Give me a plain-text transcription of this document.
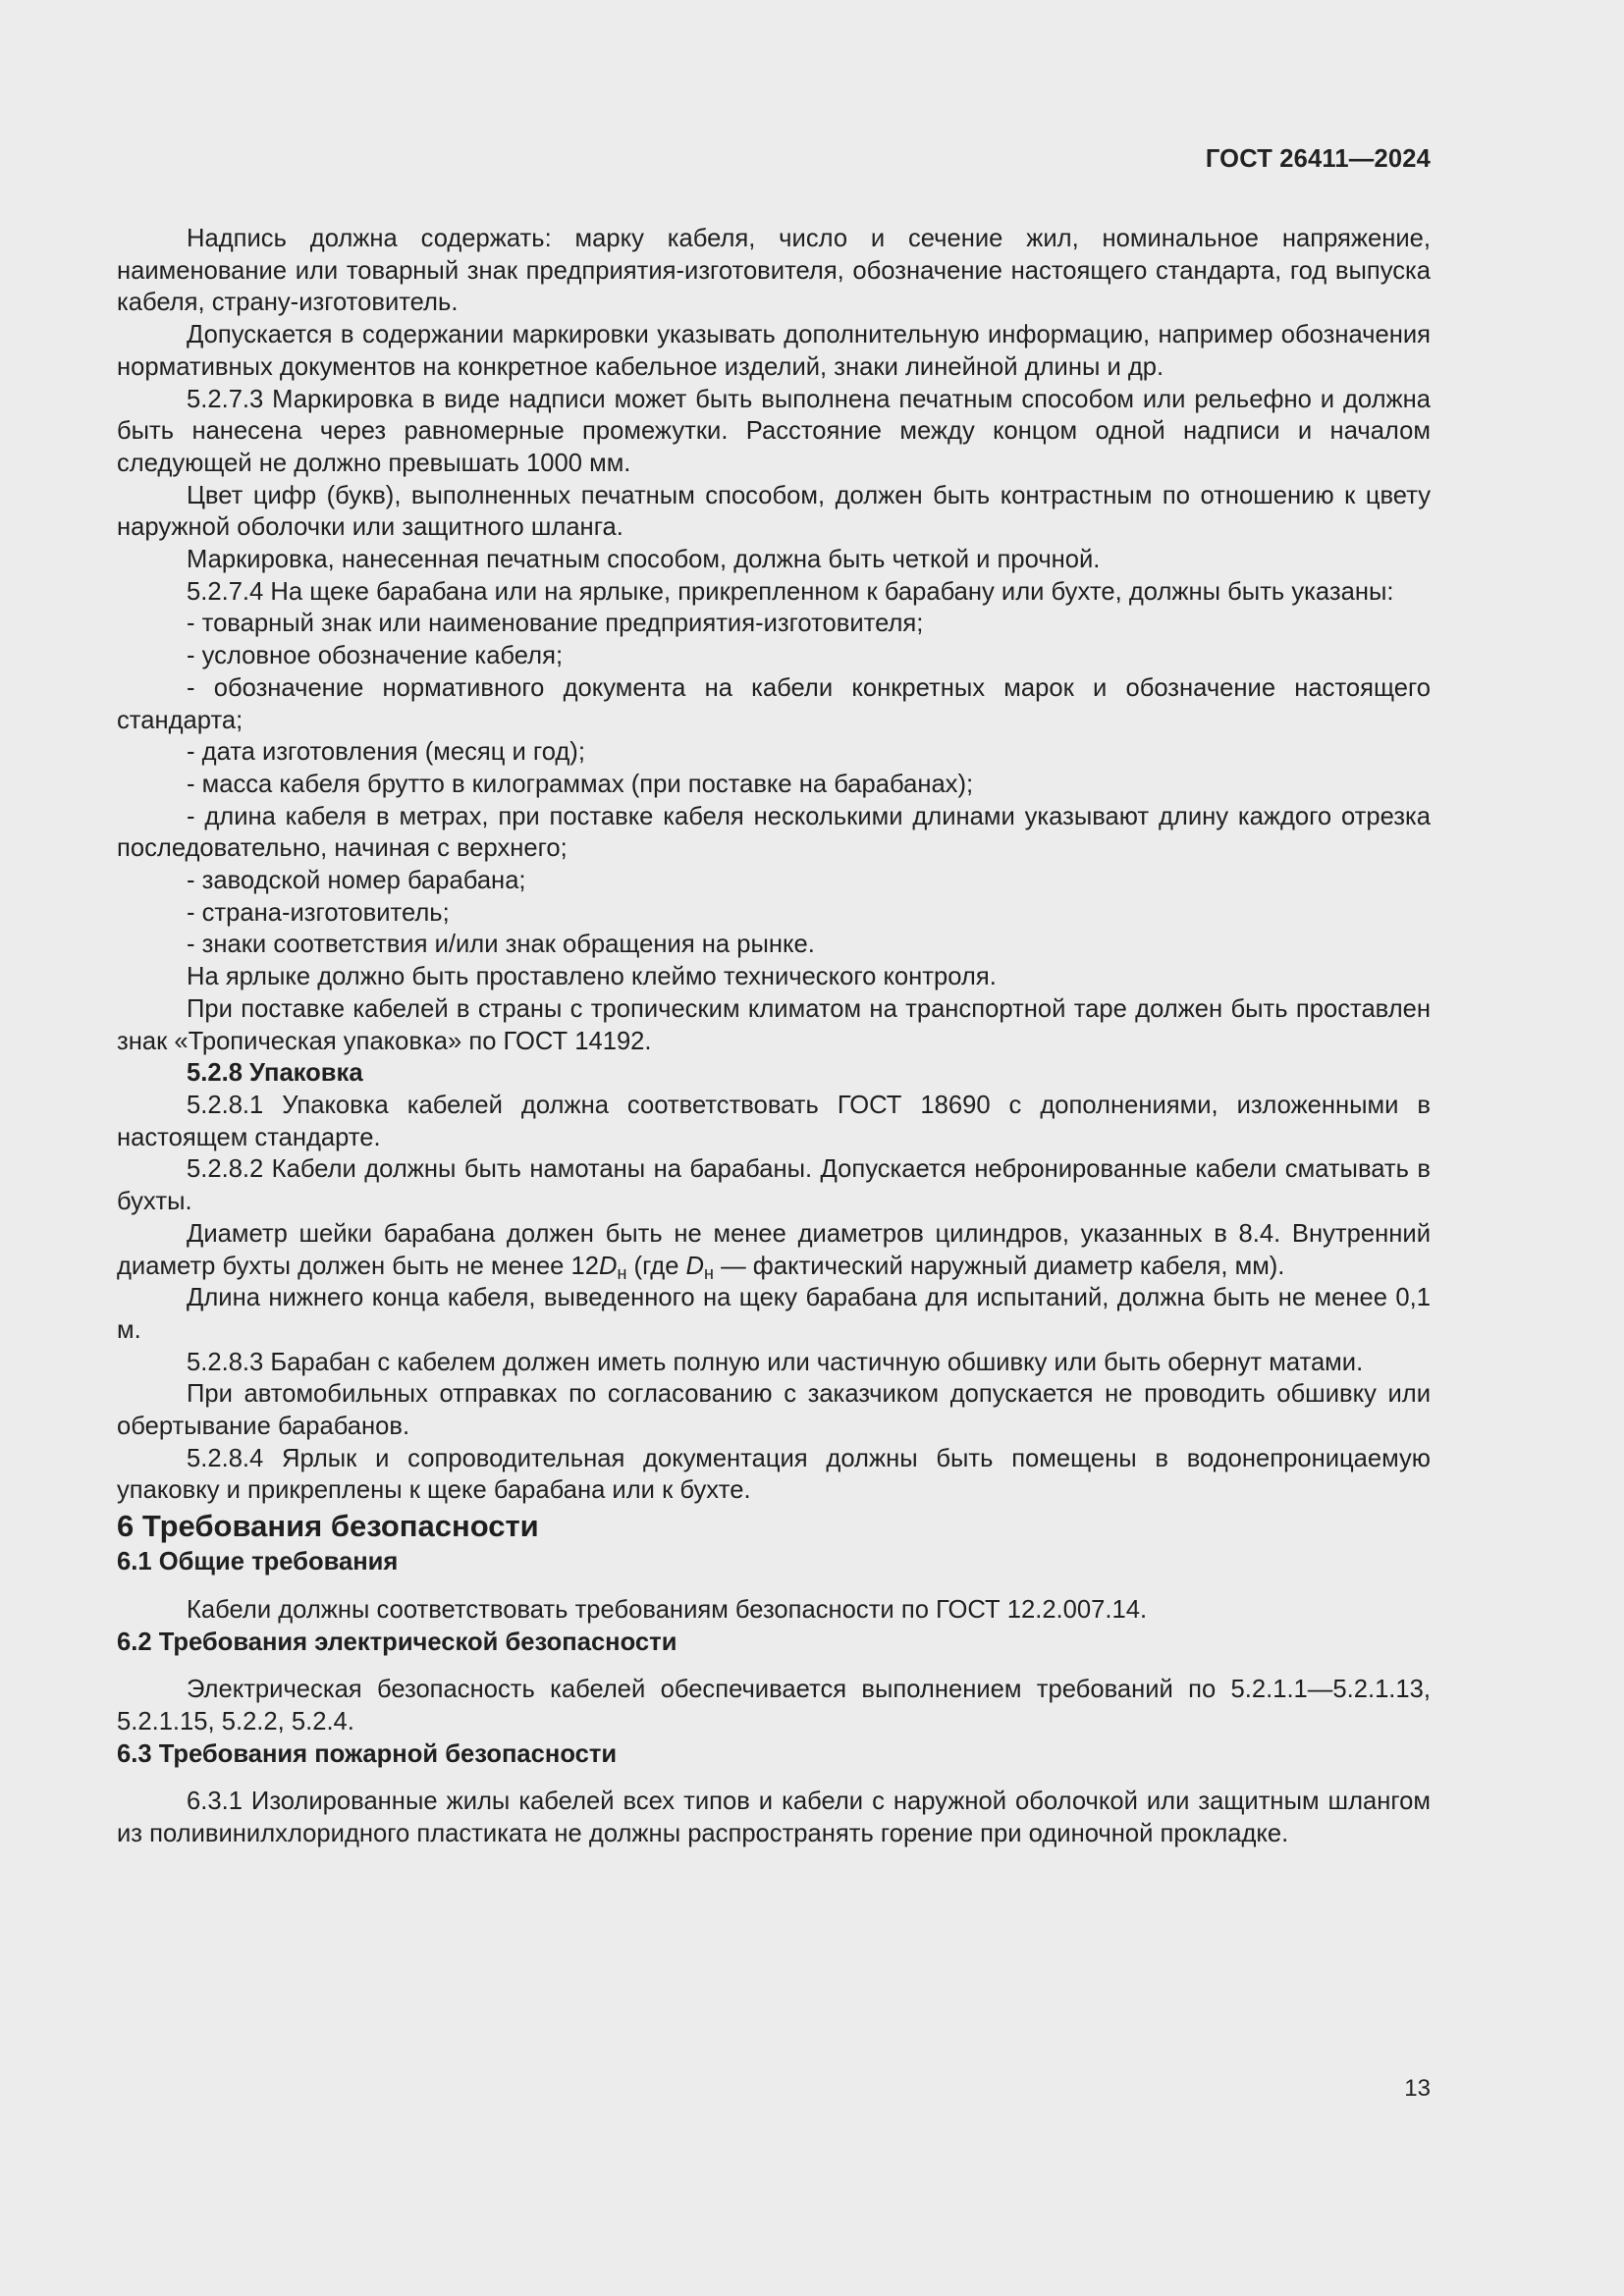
ГОСТ 26411—2024

Надпись должна содержать: марку кабеля, число и сечение жил, номинальное напряжение, наименование или товарный знак предприятия-изготовителя, обозначение настоящего стандарта, год выпуска кабеля, страну-изготовитель.

Допускается в содержании маркировки указывать дополнительную информацию, например обозначения нормативных документов на конкретное кабельное изделий, знаки линейной длины и др.

5.2.7.3 Маркировка в виде надписи может быть выполнена печатным способом или рельефно и должна быть нанесена через равномерные промежутки. Расстояние между концом одной надписи и началом следующей не должно превышать 1000 мм.

Цвет цифр (букв), выполненных печатным способом, должен быть контрастным по отношению к цвету наружной оболочки или защитного шланга.

Маркировка, нанесенная печатным способом, должна быть четкой и прочной.

5.2.7.4 На щеке барабана или на ярлыке, прикрепленном к барабану или бухте, должны быть указаны:

- товарный знак или наименование предприятия-изготовителя;

- условное обозначение кабеля;

- обозначение нормативного документа на кабели конкретных марок и обозначение настоящего стандарта;

- дата изготовления (месяц и год);

- масса кабеля брутто в килограммах (при поставке на барабанах);

- длина кабеля в метрах, при поставке кабеля несколькими длинами указывают длину каждого отрезка последовательно, начиная с верхнего;

- заводской номер барабана;

- страна-изготовитель;

- знаки соответствия и/или знак обращения на рынке.

На ярлыке должно быть проставлено клеймо технического контроля.

При поставке кабелей в страны с тропическим климатом на транспортной таре должен быть проставлен знак «Тропическая упаковка» по ГОСТ 14192.

5.2.8 Упаковка

5.2.8.1 Упаковка кабелей должна соответствовать ГОСТ 18690 с дополнениями, изложенными в настоящем стандарте.

5.2.8.2 Кабели должны быть намотаны на барабаны. Допускается небронированные кабели сматывать в бухты.

Диаметр шейки барабана должен быть не менее диаметров цилиндров, указанных в 8.4. Внутренний диаметр бухты должен быть не менее $12D_н$ (где $D_н$ — фактический наружный диаметр кабеля, мм).

Длина нижнего конца кабеля, выведенного на щеку барабана для испытаний, должна быть не менее 0,1 м.

5.2.8.3 Барабан с кабелем должен иметь полную или частичную обшивку или быть обернут матами.

При автомобильных отправках по согласованию с заказчиком допускается не проводить обшивку или обертывание барабанов.

5.2.8.4 Ярлык и сопроводительная документация должны быть помещены в водонепроницаемую упаковку и прикреплены к щеке барабана или к бухте.

6 Требования безопасности

6.1 Общие требования

Кабели должны соответствовать требованиям безопасности по ГОСТ 12.2.007.14.

6.2 Требования электрической безопасности

Электрическая безопасность кабелей обеспечивается выполнением требований по 5.2.1.1—5.2.1.13, 5.2.1.15, 5.2.2, 5.2.4.

6.3 Требования пожарной безопасности

6.3.1 Изолированные жилы кабелей всех типов и кабели с наружной оболочкой или защитным шлангом из поливинилхлоридного пластиката не должны распространять горение при одиночной прокладке.

13
